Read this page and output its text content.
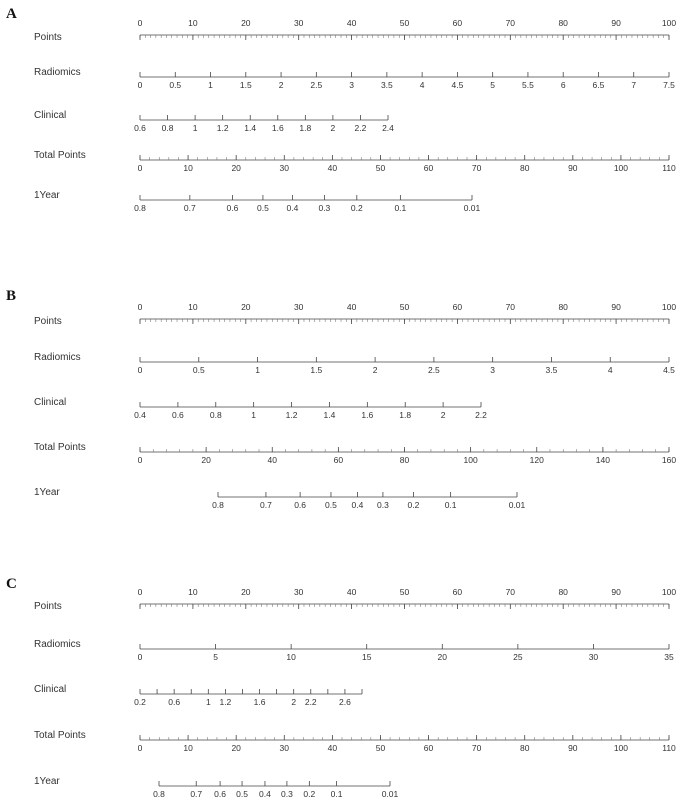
A
Points
0	10	20	30	40	50	60	70	80	90	100
Radiomics
0	0.5	1	1.5	2	2.5	3	3.5	4	4.5	5	5.5	6	6.5	7	7.5
Clinical
0.6 0.8 1 1.2 1.4 1.6 1.8 2 2.2 2.4
Total Points
0	10	20	30	40	50	60	70	80	90	100	110
1Year
0.8	0.7	0.6 0.5 0.4 0.3 0.2	0.1	0.01
B
Points
0	10	20	30	40	50	60	70	80	90	100
Radiomics
0	0.5	1	1.5	2	2.5	3	3.5	4	4.5
Clinical
0.4	0.6	0.8	1	1.2	1.4	1.6	1.8	2	2.2
Total Points
0	20	40	60	80	100	120	140	160
1Year
0.8	0.7	0.6 0.5 0.4 0.3 0.2	0.1	0.01
C
Points
0	10	20	30	40	50	60	70	80	90	100
Radiomics
0	5	10	15	20	25	30	35
Clinical
0.2	0.6	1 1.2	1.6	2 2.2	2.6
Total Points
0	10	20	30	40	50	60	70	80	90	100	110
1Year
0.8	0.7 0.6 0.5 0.4 0.3 0.2 0.1	0.01
